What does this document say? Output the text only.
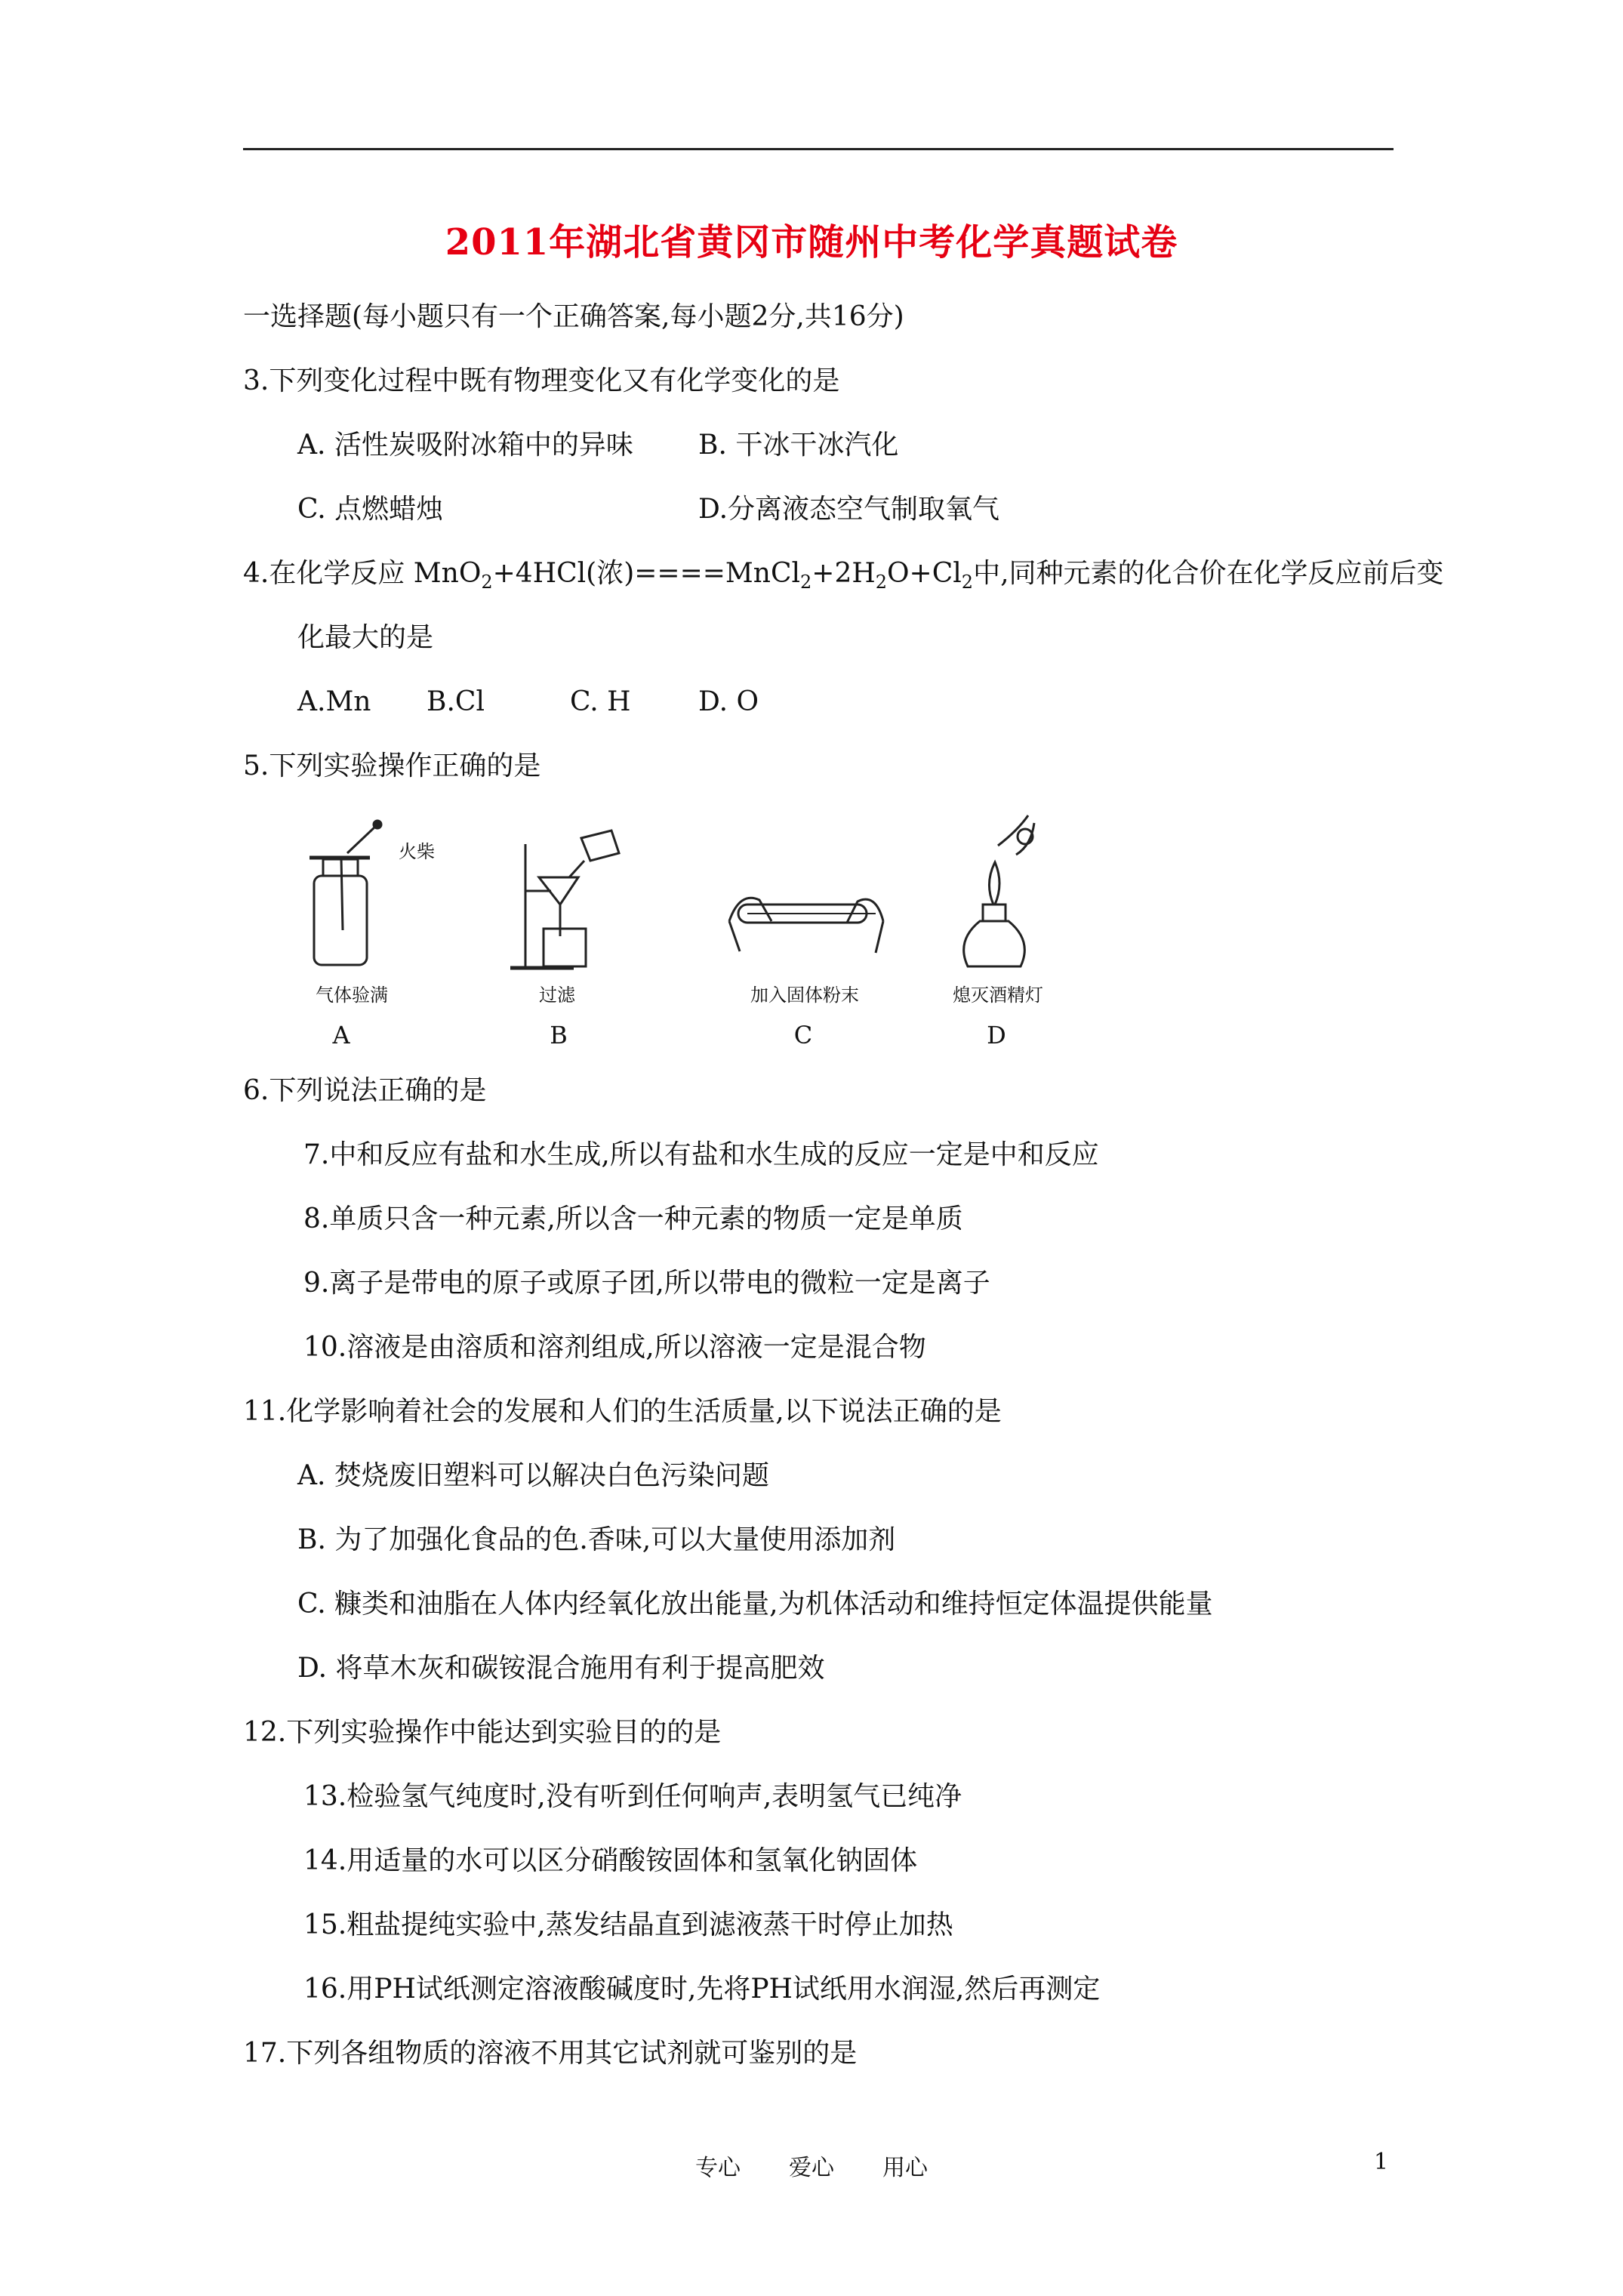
2011年湖北省黄冈市随州中考化学真题试卷
一选择题(每小题只有一个正确答案,每小题2分,共16分)
3.下列变化过程中既有物理变化又有化学变化的是
A. 活性炭吸附冰箱中的异味 B. 干冰干冰汽化
C. 点燃蜡烛	D.分离液态空气制取氧气
4.在化学反应 MnO$_2$+4HCl(浓)$====MnCl_2+2H_2O+Cl_2$中,同种元素的化合价在化学反应前后变
化最大的是
A.Mn B.Cl	C. H D. O
5.下列实验操作正确的是
气体验满
火柴
过滤	加入固体粉末	熄灭酒精灯
A	B	C	D
6.下列说法正确的是
7.中和反应有盐和水生成,所以有盐和水生成的反应一定是中和反应
8.单质只含一种元素,所以含一种元素的物质一定是单质
9.离子是带电的原子或原子团,所以带电的微粒一定是离子
10.溶液是由溶质和溶剂组成,所以溶液一定是混合物
11.化学影响着社会的发展和人们的生活质量,以下说法正确的是
A. 焚烧废旧塑料可以解决白色污染问题
B. 为了加强化食品的色.香味,可以大量使用添加剂
C. 糠类和油脂在人体内经氧化放出能量,为机体活动和维持恒定体温提供能量
D. 将草木灰和碳铵混合施用有利于提高肥效
12.下列实验操作中能达到实验目的的是
13.检验氢气纯度时,没有听到任何响声,表明氢气已纯净
14.用适量的水可以区分硝酸铵固体和氢氧化钠固体
15.粗盐提纯实验中,蒸发结晶直到滤液蒸干时停止加热
16.用PH试纸测定溶液酸碱度时,先将PH试纸用水润湿,然后再测定
17.下列各组物质的溶液不用其它试剂就可鉴别的是
专心 爱心 用心	1
